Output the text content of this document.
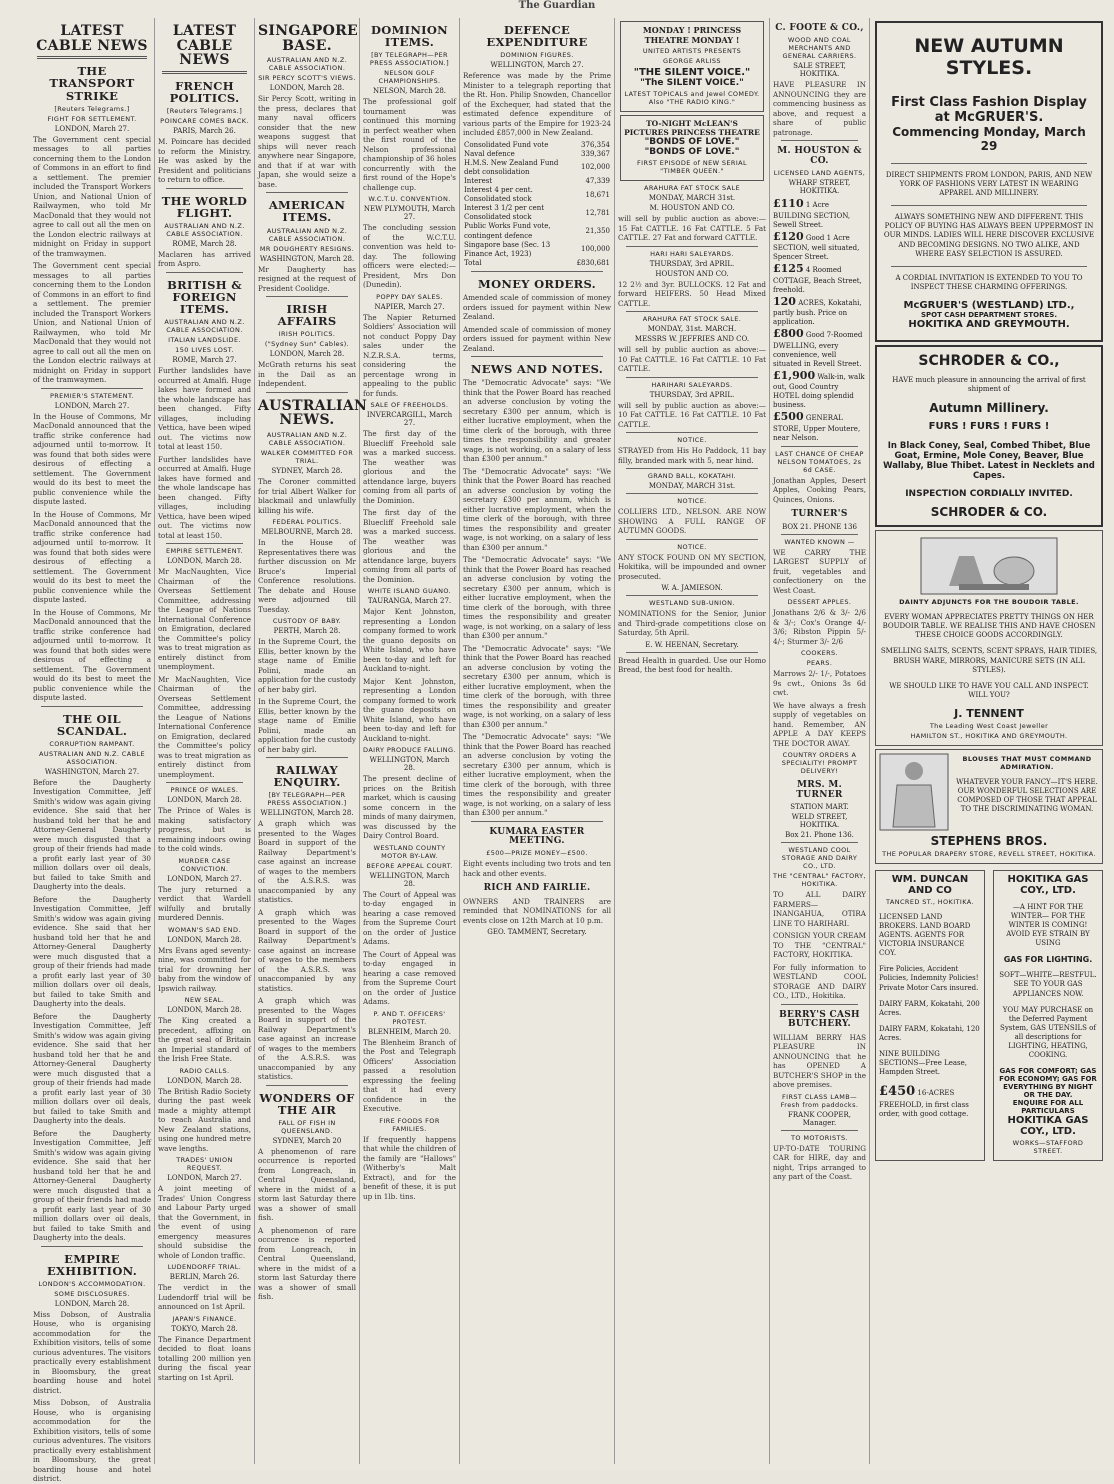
The Guardian
LATEST CABLE NEWS
THE TRANSPORT STRIKE
[Reuters Telegrams.]
FIGHT FOR SETTLEMENT.
LONDON, March 27.

The Government cent special messages to all parties concerning them to the London of Commons in an effort to find a settlement. The premier included the Transport Workers Union, and National Union of Railwaymen, who told Mr MacDonald that they would not agree to call out all the men on the London electric railways at midnight on Friday in support of the tramwaymen.

The Government cent special messages to all parties concerning them to the London of Commons in an effort to find a settlement. The premier included the Transport Workers Union, and National Union of Railwaymen, who told Mr MacDonald that they would not agree to call out all the men on the London electric railways at midnight on Friday in support of the tramwaymen.

PREMIER'S STATEMENT.
LONDON, March 27.

In the House of Commons, Mr MacDonald announced that the traffic strike conference had adjourned until to-morrow. It was found that both sides were desirous of effecting a settlement. The Government would do its best to meet the public convenience while the dispute lasted.

In the House of Commons, Mr MacDonald announced that the traffic strike conference had adjourned until to-morrow. It was found that both sides were desirous of effecting a settlement. The Government would do its best to meet the public convenience while the dispute lasted.

In the House of Commons, Mr MacDonald announced that the traffic strike conference had adjourned until to-morrow. It was found that both sides were desirous of effecting a settlement. The Government would do its best to meet the public convenience while the dispute lasted.

THE OIL SCANDAL.
CORRUPTION RAMPANT.
AUSTRALIAN AND N.Z. CABLE ASSOCIATION.
WASHINGTON, March 27.

Before the Daugherty Investigation Committee, Jeff Smith's widow was again giving evidence. She said that her husband told her that he and Attorney-General Daugherty were much disgusted that a group of their friends had made a profit early last year of 30 million dollars over oil deals, but failed to take Smith and Daugherty into the deals.

Before the Daugherty Investigation Committee, Jeff Smith's widow was again giving evidence. She said that her husband told her that he and Attorney-General Daugherty were much disgusted that a group of their friends had made a profit early last year of 30 million dollars over oil deals, but failed to take Smith and Daugherty into the deals.

Before the Daugherty Investigation Committee, Jeff Smith's widow was again giving evidence. She said that her husband told her that he and Attorney-General Daugherty were much disgusted that a group of their friends had made a profit early last year of 30 million dollars over oil deals, but failed to take Smith and Daugherty into the deals.

Before the Daugherty Investigation Committee, Jeff Smith's widow was again giving evidence. She said that her husband told her that he and Attorney-General Daugherty were much disgusted that a group of their friends had made a profit early last year of 30 million dollars over oil deals, but failed to take Smith and Daugherty into the deals.

EMPIRE EXHIBITION.
LONDON'S ACCOMMODATION.
SOME DISCLOSURES.
LONDON, March 28.

Miss Dobson, of Australia House, who is organising accommodation for the Exhibition visitors, tells of some curious adventures. The visitors practically every establishment in Bloomsbury, the great boarding house and hotel district.

Miss Dobson, of Australia House, who is organising accommodation for the Exhibition visitors, tells of some curious adventures. The visitors practically every establishment in Bloomsbury, the great boarding house and hotel district.

LATEST CABLE NEWS
FRENCH POLITICS.
[Reuters Telegrams.]
POINCARE COMES BACK.
PARIS, March 26.

M. Poincare has decided to reform the Ministry. He was asked by the President and politicians to return to office.

THE WORLD FLIGHT.
AUSTRALIAN AND N.Z. CABLE ASSOCIATION.
ROME, March 28.

Maclaren has arrived from Aspro.

BRITISH & FOREIGN ITEMS.
AUSTRALIAN AND N.Z. CABLE ASSOCIATION.
ITALIAN LANDSLIDE.
150 LIVES LOST.
ROME, March 27.

Further landslides have occurred at Amalfi. Huge lakes have formed and the whole landscape has been changed. Fifty villages, including Vettica, have been wiped out. The victims now total at least 150.

Further landslides have occurred at Amalfi. Huge lakes have formed and the whole landscape has been changed. Fifty villages, including Vettica, have been wiped out. The victims now total at least 150.

EMPIRE SETTLEMENT.
LONDON, March 28.

Mr MacNaughten, Vice Chairman of the Overseas Settlement Committee, addressing the League of Nations International Conference on Emigration, declared the Committee's policy was to treat migration as entirely distinct from unemployment.

Mr MacNaughten, Vice Chairman of the Overseas Settlement Committee, addressing the League of Nations International Conference on Emigration, declared the Committee's policy was to treat migration as entirely distinct from unemployment.

PRINCE OF WALES.
LONDON, March 28.

The Prince of Wales is making satisfactory progress, but is remaining indoors owing to the cold winds.

MURDER CASE CONVICTION.
LONDON, March 27.

The jury returned a verdict that Wardell wilfully and brutally murdered Dennis.

WOMAN'S SAD END.
LONDON, March 28.

Mrs Evans aged seventy-nine, was committed for trial for drowning her baby from the window of Ipswich railway.

NEW SEAL.
LONDON, March 28.

The King created a precedent, affixing on the great seal of Britain an Imperial standard of the Irish Free State.

RADIO CALLS.
LONDON, March 28.

The British Radio Society during the past week made a mighty attempt to reach Australia and New Zealand stations, using one hundred metre wave lengths.

TRADES' UNION REQUEST.
LONDON, March 27.

A joint meeting of Trades' Union Congress and Labour Party urged that the Government, in the event of using emergency measures should subsidise the whole of London traffic.

LUDENDORFF TRIAL.
BERLIN, March 26.

The verdict in the Ludendorff trial will be announced on 1st April.

JAPAN'S FINANCE.
TOKYO, March 28.

The Finance Department decided to float loans totalling 200 million yen during the fiscal year starting on 1st April.

SINGAPORE BASE.
AUSTRALIAN AND N.Z. CABLE ASSOCIATION.
SIR PERCY SCOTT'S VIEWS.
LONDON, March 28.

Sir Percy Scott, writing in the press, declares that many naval officers consider that the new weapons suggest that ships will never reach anywhere near Singapore, and that if at war with Japan, she would seize a base.

AMERICAN ITEMS.
AUSTRALIAN AND N.Z. CABLE ASSOCIATION.
MR DOUGHERTY RESIGNS.
WASHINGTON, March 28.

Mr Daugherty has resigned at the request of President Coolidge.

IRISH AFFAIRS
IRISH POLITICS.
("Sydney Sun" Cables).
LONDON, March 28.

McGrath returns his seat in the Dail as an Independent.

AUSTRALIAN NEWS.
AUSTRALIAN AND N.Z. CABLE ASSOCIATION.
WALKER COMMITTED FOR TRIAL.
SYDNEY, March 28.

The Coroner committed for trial Albert Walker for blackmail and unlawfully killing his wife.

FEDERAL POLITICS.
MELBOURNE, March 28.

In the House of Representatives there was further discussion on Mr Bruce's Imperial Conference resolutions. The debate and House were adjourned till Tuesday.

CUSTODY OF BABY.
PERTH, March 28.

In the Supreme Court, the Ellis, better known by the stage name of Emilie Polini, made an application for the custody of her baby girl.

In the Supreme Court, the Ellis, better known by the stage name of Emilie Polini, made an application for the custody of her baby girl.

RAILWAY ENQUIRY.
[BY TELEGRAPH—PER PRESS ASSOCIATION.]
WELLINGTON, March 28.

A graph which was presented to the Wages Board in support of the Railway Department's case against an increase of wages to the members of the A.S.R.S. was unaccompanied by any statistics.

A graph which was presented to the Wages Board in support of the Railway Department's case against an increase of wages to the members of the A.S.R.S. was unaccompanied by any statistics.

A graph which was presented to the Wages Board in support of the Railway Department's case against an increase of wages to the members of the A.S.R.S. was unaccompanied by any statistics.

WONDERS OF THE AIR
FALL OF FISH IN QUEENSLAND.
SYDNEY, March 20

A phenomenon of rare occurrence is reported from Longreach, in Central Queensland, where in the midst of a storm last Saturday there was a shower of small fish.

A phenomenon of rare occurrence is reported from Longreach, in Central Queensland, where in the midst of a storm last Saturday there was a shower of small fish.

DOMINION ITEMS.
[BY TELEGRAPH—PER PRESS ASSOCIATION.]
NELSON GOLF CHAMPIONSHIPS.
NELSON, March 28.

The professional golf tournament was continued this morning in perfect weather when the first round of the Nelson professional championship of 36 holes concurrently with the first round of the Hope's challenge cup.

W.C.T.U. CONVENTION.
NEW PLYMOUTH, March 27.

The concluding session of the W.C.T.U. convention was held to-day. The following officers were elected:—President, Mrs Don (Dunedin).

POPPY DAY SALES.
NAPIER, March 27.

The Napier Returned Soldiers' Association will not conduct Poppy Day sales under the N.Z.R.S.A. terms, considering the percentage wrong in appealing to the public for funds.

SALE OF FREEHOLDS.
INVERCARGILL, March 27.

The first day of the Bluecliff Freehold sale was a marked success. The weather was glorious and the attendance large, buyers coming from all parts of the Dominion.

The first day of the Bluecliff Freehold sale was a marked success. The weather was glorious and the attendance large, buyers coming from all parts of the Dominion.

WHITE ISLAND GUANO.
TAURANGA, March 27.

Major Kent Johnston, representing a London company formed to work the guano deposits on White Island, who have been to-day and left for Auckland to-night.

Major Kent Johnston, representing a London company formed to work the guano deposits on White Island, who have been to-day and left for Auckland to-night.

DAIRY PRODUCE FALLING.
WELLINGTON, March 28.

The present decline of prices on the British market, which is causing some concern in the minds of many dairymen, was discussed by the Dairy Control Board.

WESTLAND COUNTY MOTOR BY-LAW.
BEFORE APPEAL COURT.
WELLINGTON, March 28.

The Court of Appeal was to-day engaged in hearing a case removed from the Supreme Court on the order of Justice Adams.

The Court of Appeal was to-day engaged in hearing a case removed from the Supreme Court on the order of Justice Adams.

P. AND T. OFFICERS' PROTEST.
BLENHEIM, March 20.

The Blenheim Branch of the Post and Telegraph Officers' Association passed a resolution expressing the feeling that it had every confidence in the Executive.

FIRE FOODS FOR FAMILIES.

If frequently happens that while the children of the family are "Hallows" (Witherby's Malt Extract), and for the benefit of these, it is put up in 1lb. tins.

DEFENCE EXPENDITURE
DOMINION FIGURES.
WELLINGTON, March 27.

Reference was made by the Prime Minister to a telegraph reporting that the Rt. Hon. Philip Snowden, Chancellor of the Exchequer, had stated that the estimated defence expenditure of various parts of the Empire for 1923-24 included £857,000 in New Zealand.

Consolidated Fund vote	376,354
Naval defence	339,367
H.M.S. New Zealand Fund debt consolidation	102,000
Interest	47,339
Interest 4 per cent. Consolidated stock	18,671
Interest 3 1/2 per cent Consolidated stock	12,781
Public Works Fund vote, contingent defence	21,350
Singapore base (Sec. 13 Finance Act, 1923)	100,000
Total	£830,681
MONEY ORDERS.

Amended scale of commission of money orders issued for payment within New Zealand.

Amended scale of commission of money orders issued for payment within New Zealand.

NEWS AND NOTES.

The "Democratic Advocate" says: "We think that the Power Board has reached an adverse conclusion by voting the secretary £300 per annum, which is either lucrative employment, when the time clerk of the borough, with three times the responsibility and greater wage, is not working, on a salary of less than £300 per annum."

The "Democratic Advocate" says: "We think that the Power Board has reached an adverse conclusion by voting the secretary £300 per annum, which is either lucrative employment, when the time clerk of the borough, with three times the responsibility and greater wage, is not working, on a salary of less than £300 per annum."

The "Democratic Advocate" says: "We think that the Power Board has reached an adverse conclusion by voting the secretary £300 per annum, which is either lucrative employment, when the time clerk of the borough, with three times the responsibility and greater wage, is not working, on a salary of less than £300 per annum."

The "Democratic Advocate" says: "We think that the Power Board has reached an adverse conclusion by voting the secretary £300 per annum, which is either lucrative employment, when the time clerk of the borough, with three times the responsibility and greater wage, is not working, on a salary of less than £300 per annum."

The "Democratic Advocate" says: "We think that the Power Board has reached an adverse conclusion by voting the secretary £300 per annum, which is either lucrative employment, when the time clerk of the borough, with three times the responsibility and greater wage, is not working, on a salary of less than £300 per annum."

KUMARA EASTER MEETING.
£500—PRIZE MONEY—£500.

Eight events including two trots and ten hack and other events.

RICH AND FAIRLIE.

OWNERS AND TRAINERS are reminded that NOMINATIONS for all events close on 12th March at 10 p.m.

GEO. TAMMENT, Secretary.
MONDAY ! PRINCESS THEATRE MONDAY !
UNITED ARTISTS PRESENTS
GEORGE ARLISS
"THE SILENT VOICE."
"The SILENT VOICE."
LATEST TOPICALS and Jewel COMEDY. Also "THE RADIO KING."
TO-NIGHT McLEAN'S PICTURES PRINCESS THEATRE
"BONDS OF LOVE." "BONDS OF LOVE."
FIRST EPISODE of NEW SERIAL "TIMBER QUEEN."
ARAHURA FAT STOCK SALE
MONDAY, MARCH 31st.
M. HOUSTON AND CO.

will sell by public auction as above:— 15 Fat CATTLE. 16 Fat CATTLE. 5 Fat CATTLE. 27 Fat and forward CATTLE.

HARI HARI SALEYARDS.
THURSDAY, 3rd APRIL.
HOUSTON AND CO.

12 2½ and 3yr. BULLOCKS. 12 Fat and forward HEIFERS. 50 Head Mixed CATTLE.

ARAHURA FAT STOCK SALE.
MONDAY, 31st. MARCH.
MESSRS W. JEFFRIES AND CO.

will sell by public auction as above:— 10 Fat CATTLE. 16 Fat CATTLE. 10 Fat CATTLE.

HARIHARI SALEYARDS.
THURSDAY, 3rd APRIL.

will sell by public auction as above:— 10 Fat CATTLE. 16 Fat CATTLE. 10 Fat CATTLE.

NOTICE.

STRAYED from His Ho Paddock, 11 bay filly, branded mark with 5, near hind.

GRAND BALL, KOKATAHI.
MONDAY, MARCH 31st.
NOTICE.

COLLIERS LTD., NELSON. ARE NOW SHOWING A FULL RANGE OF AUTUMN GOODS.

NOTICE.

ANY STOCK FOUND ON MY SECTION, Hokitika, will be impounded and owner prosecuted.

W. A. JAMIESON.
WESTLAND SUB-UNION.

NOMINATIONS for the Senior, Junior and Third-grade competitions close on Saturday, 5th April.

E. W. HEENAN, Secretary.

Bread Health in guarded. Use our Homo Bread, the best food for health.

C. FOOTE & CO.,
WOOD AND COAL MERCHANTS AND GENERAL CARRIERS.
SALE STREET, HOKITIKA.

HAVE PLEASURE IN ANNOUNCING they are commencing business as above, and request a share of public patronage.

M. HOUSTON & CO.
LICENSED LAND AGENTS,
WHARF STREET, HOKITIKA.
£110 1 Acre BUILDING SECTION, Sewell Street.
£120 Good 1 Acre SECTION, well situated, Spencer Street.
£125 4 Roomed COTTAGE, Beach Street, freehold.
120 ACRES, Kokatahi, partly bush. Price on application.
£800 Good 7-Roomed DWELLING, every convenience, well situated in Revell Street.
£1,900 Walk-in, walk out, Good Country HOTEL doing splendid business.
£500 GENERAL STORE, Upper Moutere, near Nelson.
LAST CHANCE OF CHEAP NELSON TOMATOES, 2s 6d CASE.

Jonathan Apples, Desert Apples, Cooking Pears, Quinces, Onions.

TURNER'S
BOX 21. PHONE 136
WANTED KNOWN —

WE CARRY THE LARGEST SUPPLY of fruit, vegetables and confectionery on the West Coast.

DESSERT APPLES.

Jonathans 2/6 & 3/- 2/6 & 3/-; Cox's Orange 4/- 3/6; Ribston Pippin 5/- 4/-; Sturmer 3/- 2/6

COOKERS.
PEARS.

Marrows 2/- 1/-, Potatoes 9s cwt., Onions 3s 6d cwt.

We have always a fresh supply of vegetables on hand. Remember, AN APPLE A DAY KEEPS THE DOCTOR AWAY.

COUNTRY ORDERS A SPECIALITY! PROMPT DELIVERY!
MRS. M. TURNER
STATION MART.
WELD STREET, HOKITIKA.
Box 21. Phone 136.
WESTLAND COOL STORAGE AND DAIRY CO., LTD.
THE "CENTRAL" FACTORY, HOKITIKA.

TO ALL DAIRY FARMERS—INANGAHUA, OTIRA LINE TO HARIHARI.

CONSIGN YOUR CREAM TO THE "CENTRAL" FACTORY, HOKITIKA.

For fully information to WESTLAND COOL STORAGE AND DAIRY CO., LTD., Hokitika.

BERRY'S CASH BUTCHERY.

WILLIAM BERRY HAS PLEASURE IN ANNOUNCING that he has OPENED A BUTCHER'S SHOP in the above premises.

FIRST CLASS LAMB—Fresh from paddocks.
FRANK COOPER, Manager.
TO MOTORISTS.

UP-TO-DATE TOURING CAR for HIRE, day and night, Trips arranged to any part of the Coast.

NEW AUTUMN STYLES.
First Class Fashion Display
at McGRUER'S.
Commencing Monday, March 29

DIRECT SHIPMENTS FROM LONDON, PARIS, AND NEW YORK OF FASHIONS VERY LATEST IN WEARING APPAREL AND MILLINERY.

ALWAYS SOMETHING NEW AND DIFFERENT. THIS POLICY OF BUYING HAS ALWAYS BEEN UPPERMOST IN OUR MINDS. LADIES WILL HERE DISCOVER EXCLUSIVE AND BECOMING DESIGNS. NO TWO ALIKE, AND WHERE EASY SELECTION IS ASSURED.

A CORDIAL INVITATION IS EXTENDED TO YOU TO INSPECT THESE CHARMING OFFERINGS.

McGRUER'S (WESTLAND) LTD.,
SPOT CASH DEPARTMENT STORES.
HOKITIKA AND GREYMOUTH.
SCHRODER & CO.,

HAVE much pleasure in announcing the arrival of first shipment of

Autumn Millinery.
FURS ! FURS ! FURS !

In Black Coney, Seal, Combed Thibet, Blue Goat, Ermine, Mole Coney, Beaver, Blue Wallaby, Blue Thibet. Latest in Necklets and Capes.

INSPECTION CORDIALLY INVITED.
SCHRODER & CO.
DAINTY ADJUNCTS FOR THE BOUDOIR TABLE.

EVERY WOMAN APPRECIATES PRETTY THINGS ON HER BOUDOIR TABLE. WE REALISE THIS AND HAVE CHOSEN THESE CHOICE GOODS ACCORDINGLY.

SMELLING SALTS, SCENTS, SCENT SPRAYS, HAIR TIDIES, BRUSH WARE, MIRRORS, MANICURE SETS (IN ALL STYLES).

WE SHOULD LIKE TO HAVE YOU CALL AND INSPECT. WILL YOU?

J. TENNENT
The Leading West Coast Jeweller
HAMILTON ST., HOKITIKA AND GREYMOUTH.
BLOUSES THAT MUST COMMAND ADMIRATION.

WHATEVER YOUR FANCY—IT'S HERE. OUR WONDERFUL SELECTIONS ARE COMPOSED OF THOSE THAT APPEAL TO THE DISCRIMINATING WOMAN.

STEPHENS BROS.
THE POPULAR DRAPERY STORE, REVELL STREET, HOKITIKA.
WM. DUNCAN AND CO
TANCRED ST., HOKITIKA.

LICENSED LAND BROKERS. LAND BOARD AGENTS. AGENTS FOR VICTORIA INSURANCE COY.

Fire Policies, Accident Policies, Indemnity Policies! Private Motor Cars insured.

DAIRY FARM, Kokatahi, 200 Acres.

DAIRY FARM, Kokatahi, 120 Acres.

NINE BUILDING SECTIONS—Free Lease, Hampden Street.

£450 16-ACRES FREEHOLD, in first class order, with good cottage.
HOKITIKA GAS COY., LTD.

—A HINT FOR THE WINTER— FOR THE WINTER IS COMING! AVOID EYE STRAIN BY USING

GAS FOR LIGHTING.

SOFT—WHITE—RESTFUL. SEE TO YOUR GAS APPLIANCES NOW.

YOU MAY PURCHASE on the Deferred Payment System, GAS UTENSILS of all descriptions for LIGHTING, HEATING, COOKING.

GAS FOR COMFORT; GAS FOR ECONOMY; GAS FOR EVERYTHING BY NIGHT OR THE DAY.
ENQUIRE FOR ALL PARTICULARS
HOKITIKA GAS COY., LTD.
WORKS—STAFFORD STREET.
